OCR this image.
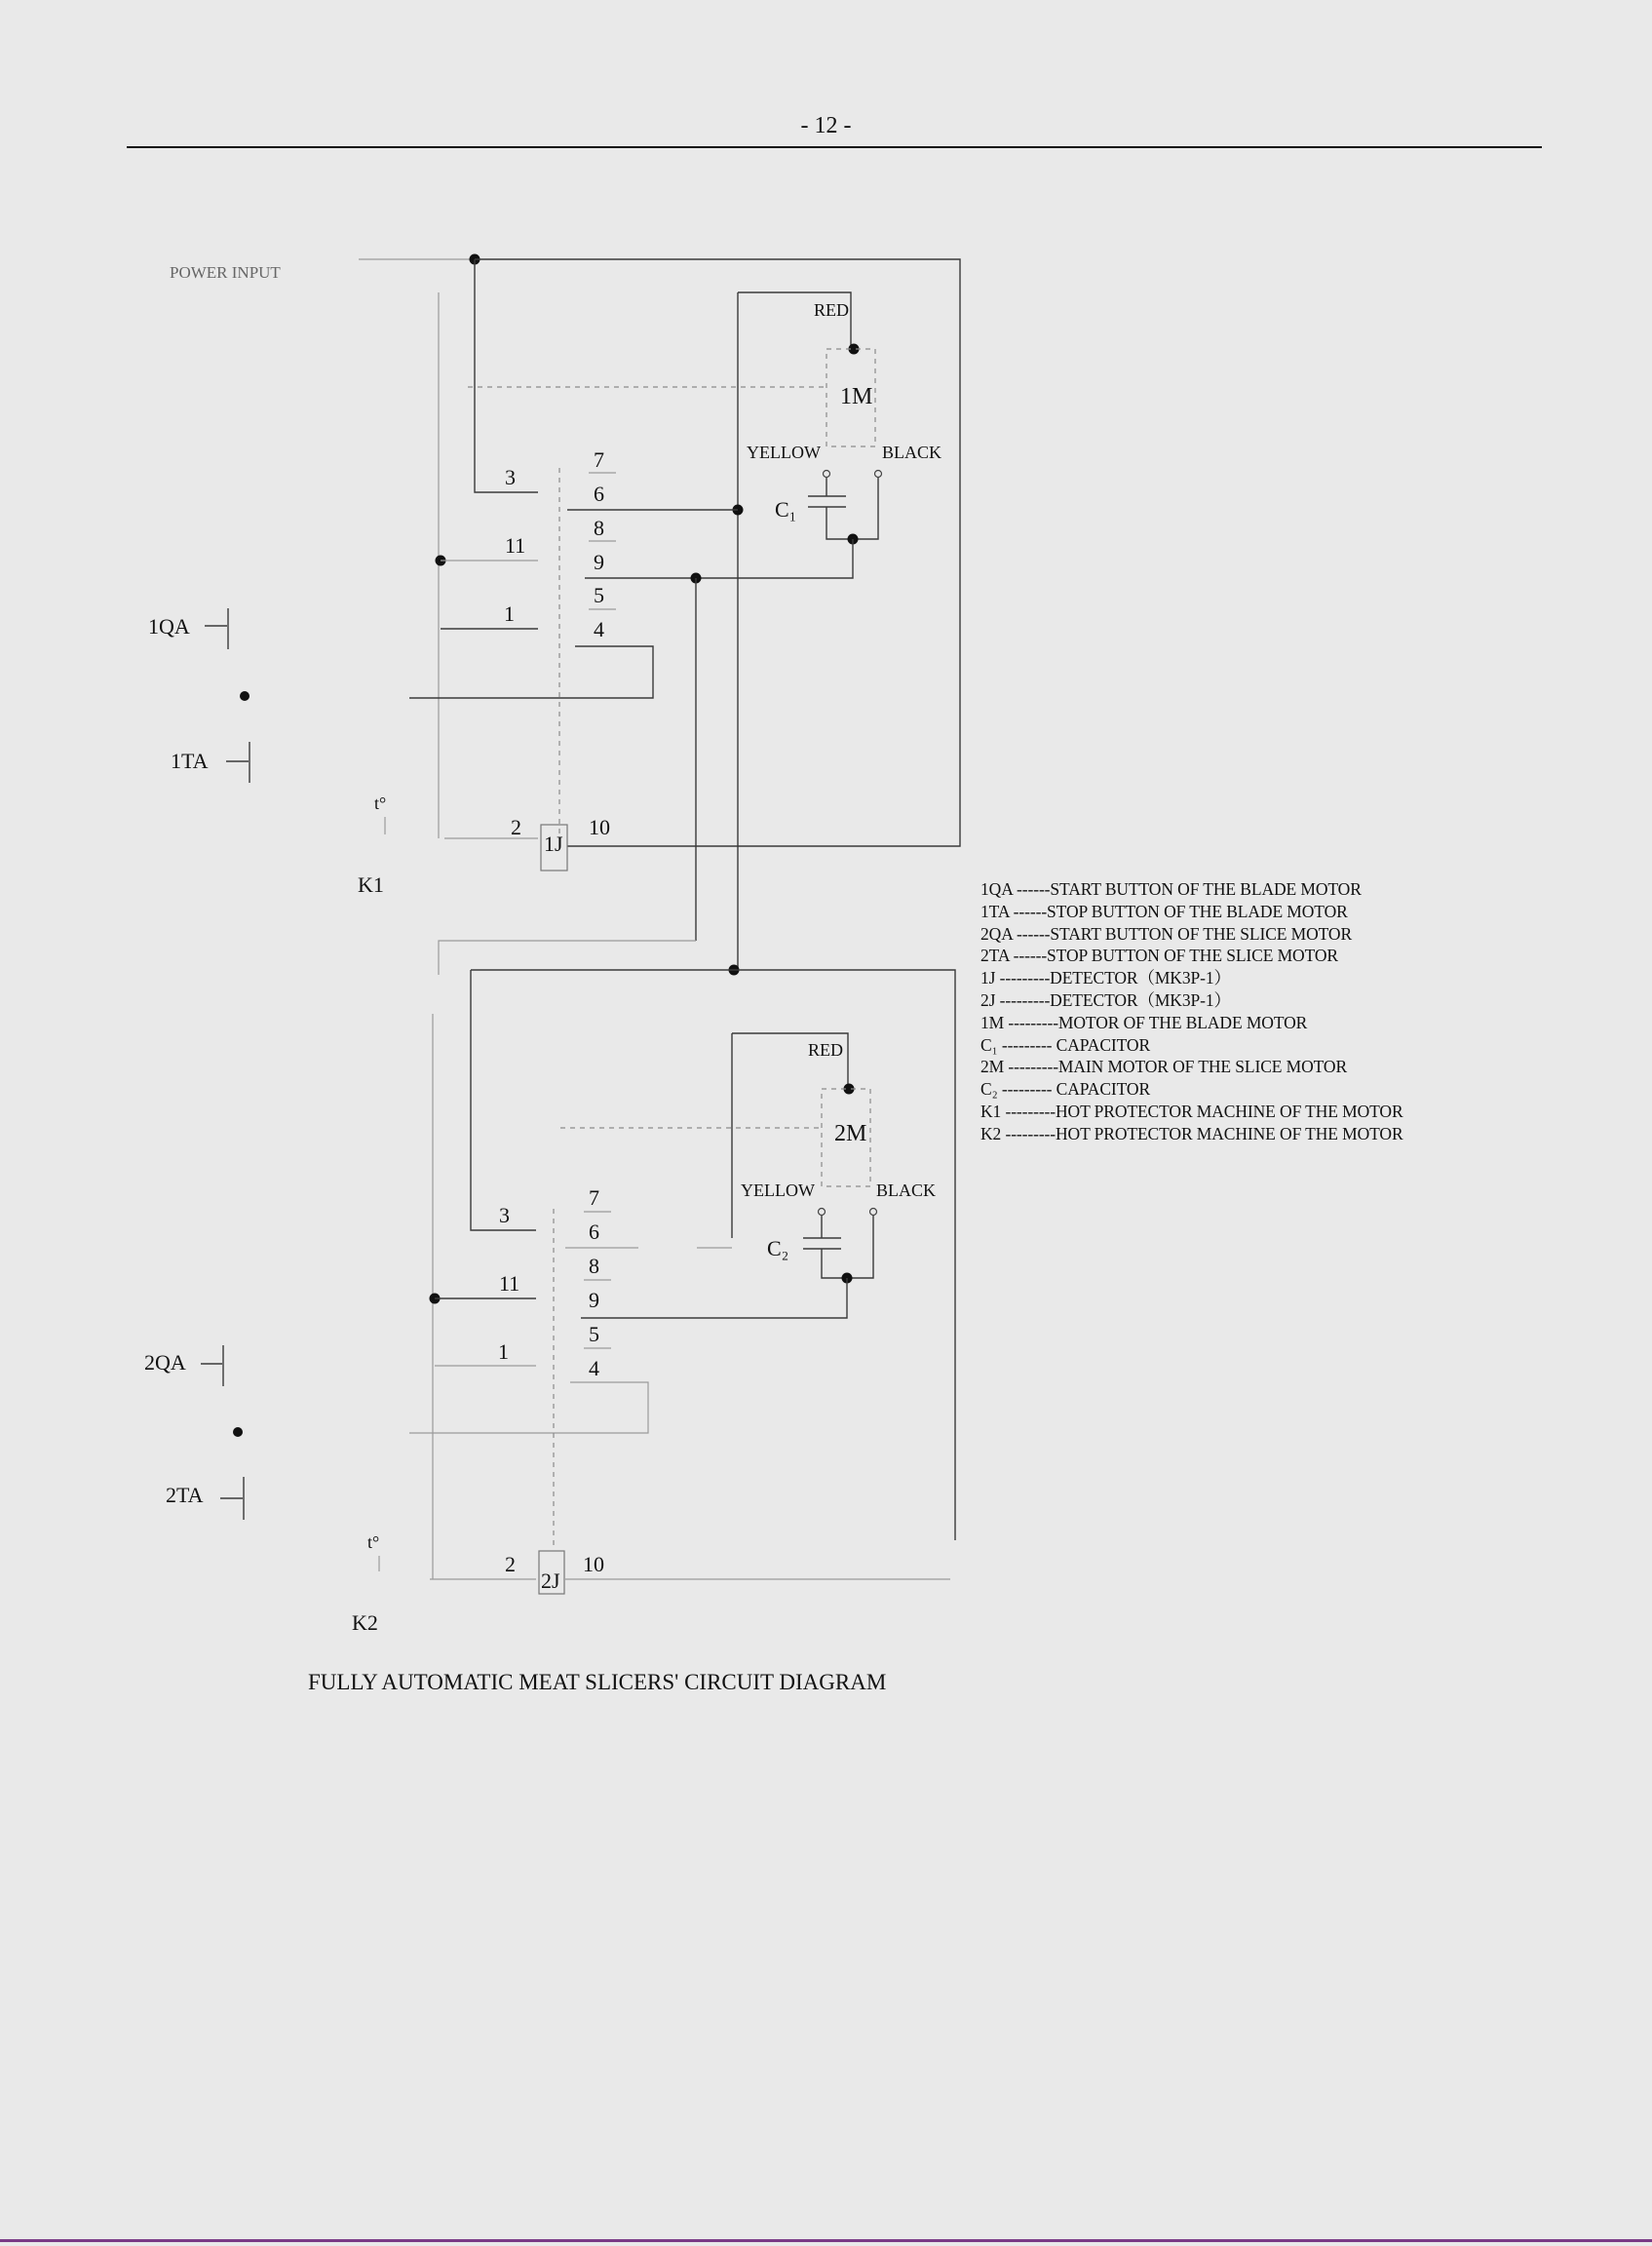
- 12 -
POWER INPUT
RED
1M
YELLOW	BLACK
C₁
7
6
8
9
5
4
3
11
1
1QA
1TA
t°
2	10
1J
K1
RED
2M
YELLOW	BLACK
C₂
7
6
8
9
5
4
3
11
1
2QA
2TA
t°
2	10
2J
K2
1QA ------START BUTTON OF THE BLADE MOTOR
1TA ------STOP BUTTON OF THE BLADE MOTOR
2QA ------START BUTTON OF THE SLICE MOTOR
2TA ------STOP BUTTON OF THE SLICE MOTOR
1J ---------DETECTOR（MK3P-1）
2J ---------DETECTOR（MK3P-1）
1M ---------MOTOR OF THE BLADE MOTOR
C₁ --------- CAPACITOR
2M ---------MAIN MOTOR OF THE SLICE MOTOR
C₂ --------- CAPACITOR
K1 ---------HOT PROTECTOR MACHINE OF THE MOTOR
K2 ---------HOT PROTECTOR MACHINE OF THE MOTOR
FULLY AUTOMATIC MEAT SLICERS' CIRCUIT DIAGRAM
